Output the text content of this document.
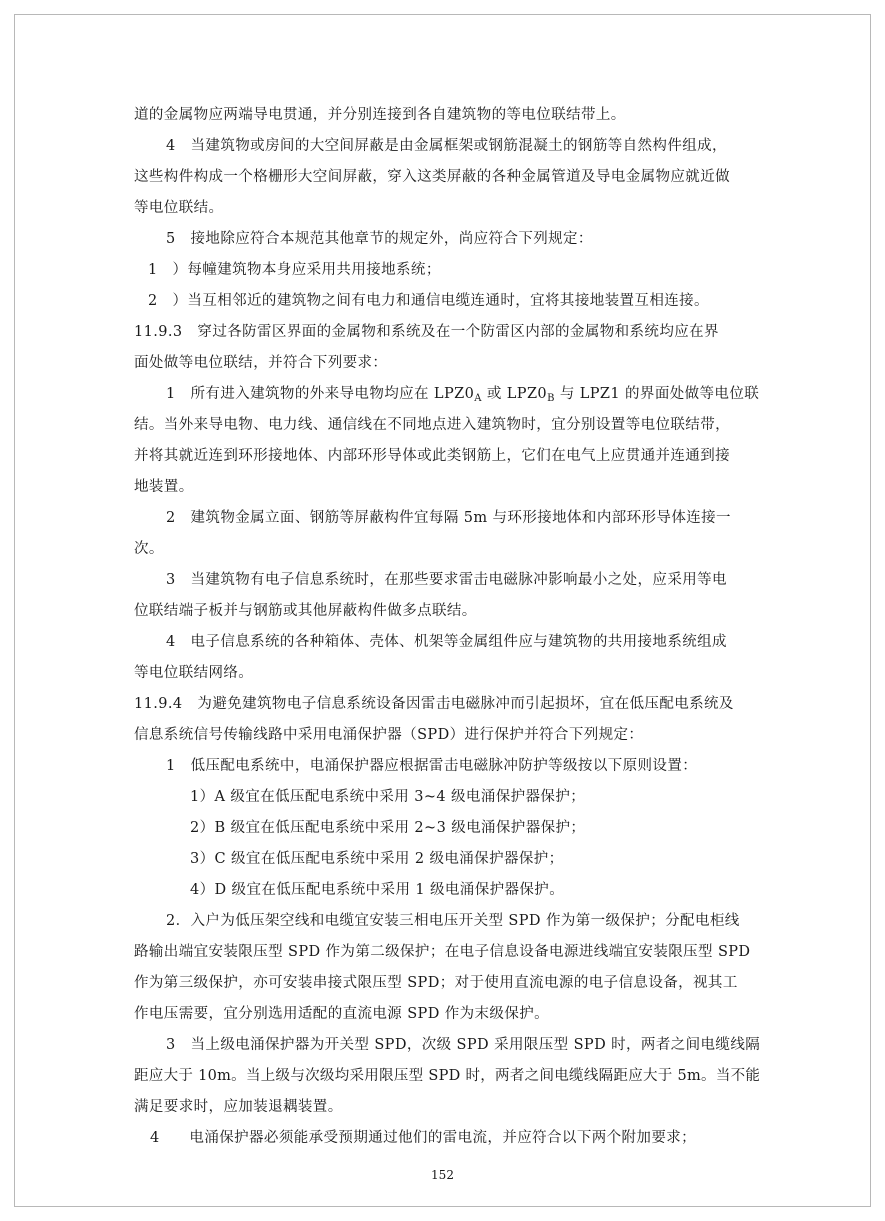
道的金属物应两端导电贯通，并分别连接到各自建筑物的等电位联结带上。
4　当建筑物或房间的大空间屏蔽是由金属框架或钢筋混凝土的钢筋等自然构件组成，
这些构件构成一个格栅形大空间屏蔽，穿入这类屏蔽的各种金属管道及导电金属物应就近做
等电位联结。
5　接地除应符合本规范其他章节的规定外，尚应符合下列规定：
1　）每幢建筑物本身应采用共用接地系统；
2　）当互相邻近的建筑物之间有电力和通信电缆连通时，宜将其接地装置互相连接。
11.9.3　穿过各防雷区界面的金属物和系统及在一个防雷区内部的金属物和系统均应在界
面处做等电位联结，并符合下列要求：
1　所有进入建筑物的外来导电物均应在 $LPZ0_A$ 或 $LPZ0_B$ 与 LPZ1 的界面处做等电位联
结。当外来导电物、电力线、通信线在不同地点进入建筑物时，宜分别设置等电位联结带，
并将其就近连到环形接地体、内部环形导体或此类钢筋上，它们在电气上应贯通并连通到接
地装置。
2　建筑物金属立面、钢筋等屏蔽构件宜每隔 5m 与环形接地体和内部环形导体连接一
次。
3　当建筑物有电子信息系统时，在那些要求雷击电磁脉冲影响最小之处，应采用等电
位联结端子板并与钢筋或其他屏蔽构件做多点联结。
4　电子信息系统的各种箱体、壳体、机架等金属组件应与建筑物的共用接地系统组成
等电位联结网络。
11.9.4　为避免建筑物电子信息系统设备因雷击电磁脉冲而引起损坏，宜在低压配电系统及
信息系统信号传输线路中采用电涌保护器（SPD）进行保护并符合下列规定：
1　低压配电系统中，电涌保护器应根据雷击电磁脉冲防护等级按以下原则设置：
1）A 级宜在低压配电系统中采用 3~4 级电涌保护器保护；
2）B 级宜在低压配电系统中采用 2~3 级电涌保护器保护；
3）C 级宜在低压配电系统中采用 2 级电涌保护器保护；
4）D 级宜在低压配电系统中采用 1 级电涌保护器保护。
2．入户为低压架空线和电缆宜安装三相电压开关型 SPD 作为第一级保护；分配电柜线
路输出端宜安装限压型 SPD 作为第二级保护；在电子信息设备电源进线端宜安装限压型 SPD
作为第三级保护，亦可安装串接式限压型 SPD；对于使用直流电源的电子信息设备，视其工
作电压需要，宜分别选用适配的直流电源 SPD 作为末级保护。
3　当上级电涌保护器为开关型 SPD，次级 SPD 采用限压型 SPD 时，两者之间电缆线隔
距应大于 10m。当上级与次级均采用限压型 SPD 时，两者之间电缆线隔距应大于 5m。当不能
满足要求时，应加装退耦装置。
4　　电涌保护器必须能承受预期通过他们的雷电流，并应符合以下两个附加要求；
152
